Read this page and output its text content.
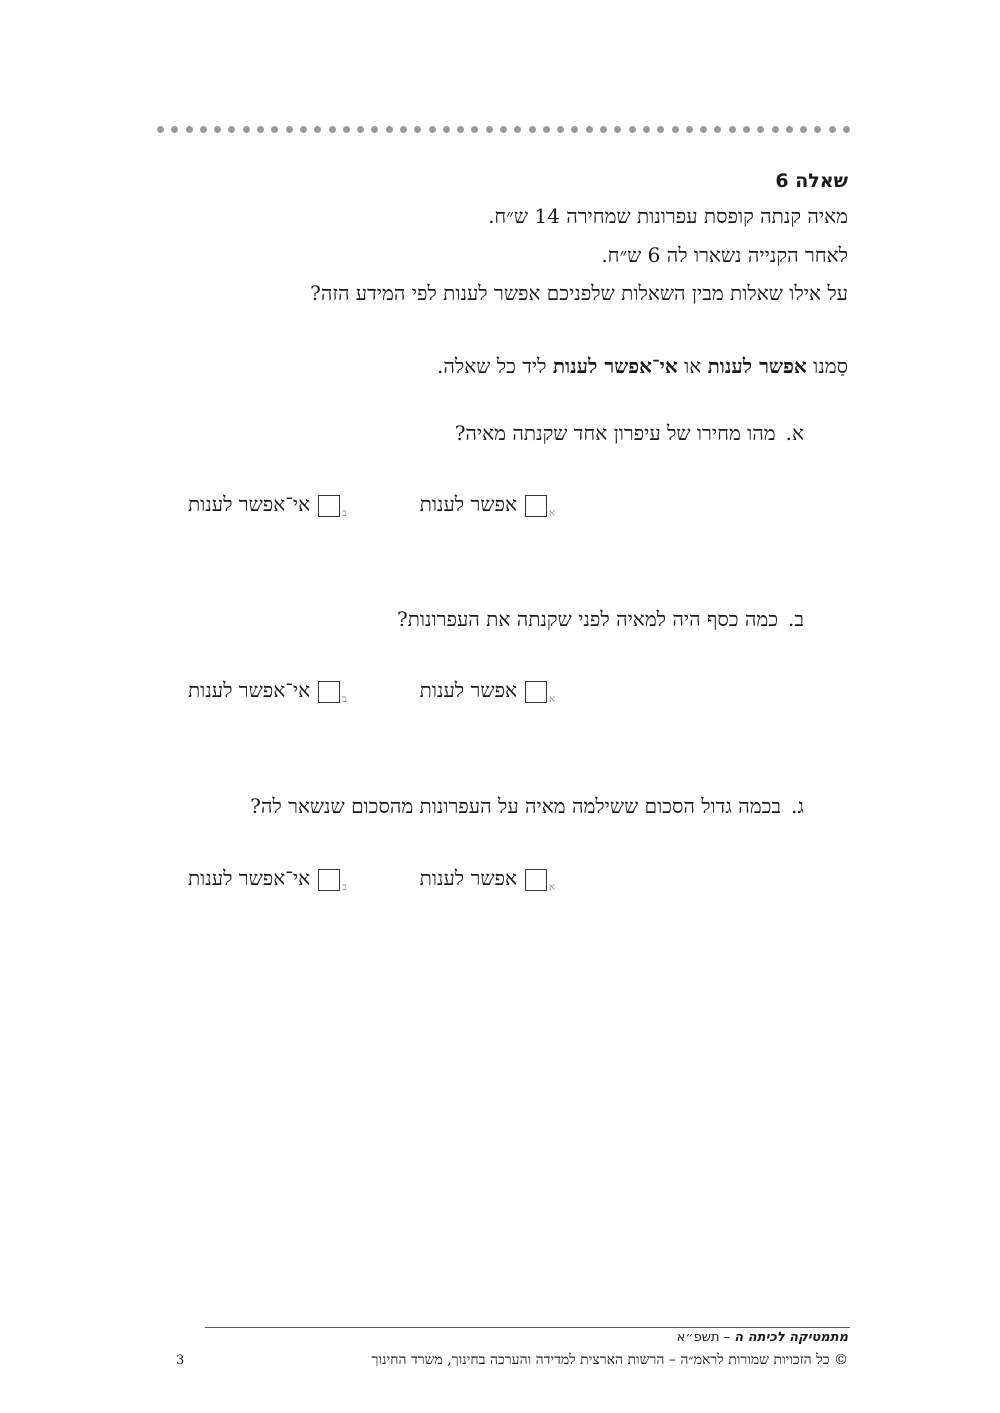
שאלה 6
מאיה קנתה קופסת עפרונות שמחירה 14 ש״ח.
לאחר הקנייה נשארו לה 6 ש״ח.
על אילו שאלות מבין השאלות שלפניכם אפשר לענות לפי המידע הזה?
סַמנו אפשר לענות או אי־אפשר לענות ליד כל שאלה.
א.מהו מחירו של עיפרון אחד שקנתה מאיה?
א
אפשר לענות
ב
אי־אפשר לענות
ב.כמה כסף היה למאיה לפני שקנתה את העפרונות?
א
אפשר לענות
ב
אי־אפשר לענות
ג.בכמה גדול הסכום ששילמה מאיה על העפרונות מהסכום שנשאר לה?
א
אפשר לענות
ב
אי־אפשר לענות
מתמטיקה לכיתה ה – תשפ״א
© כל הזכויות שמורות לראמ״ה – הרשות הארצית למדידה והערכה בחינוך, משרד החינוך
3
